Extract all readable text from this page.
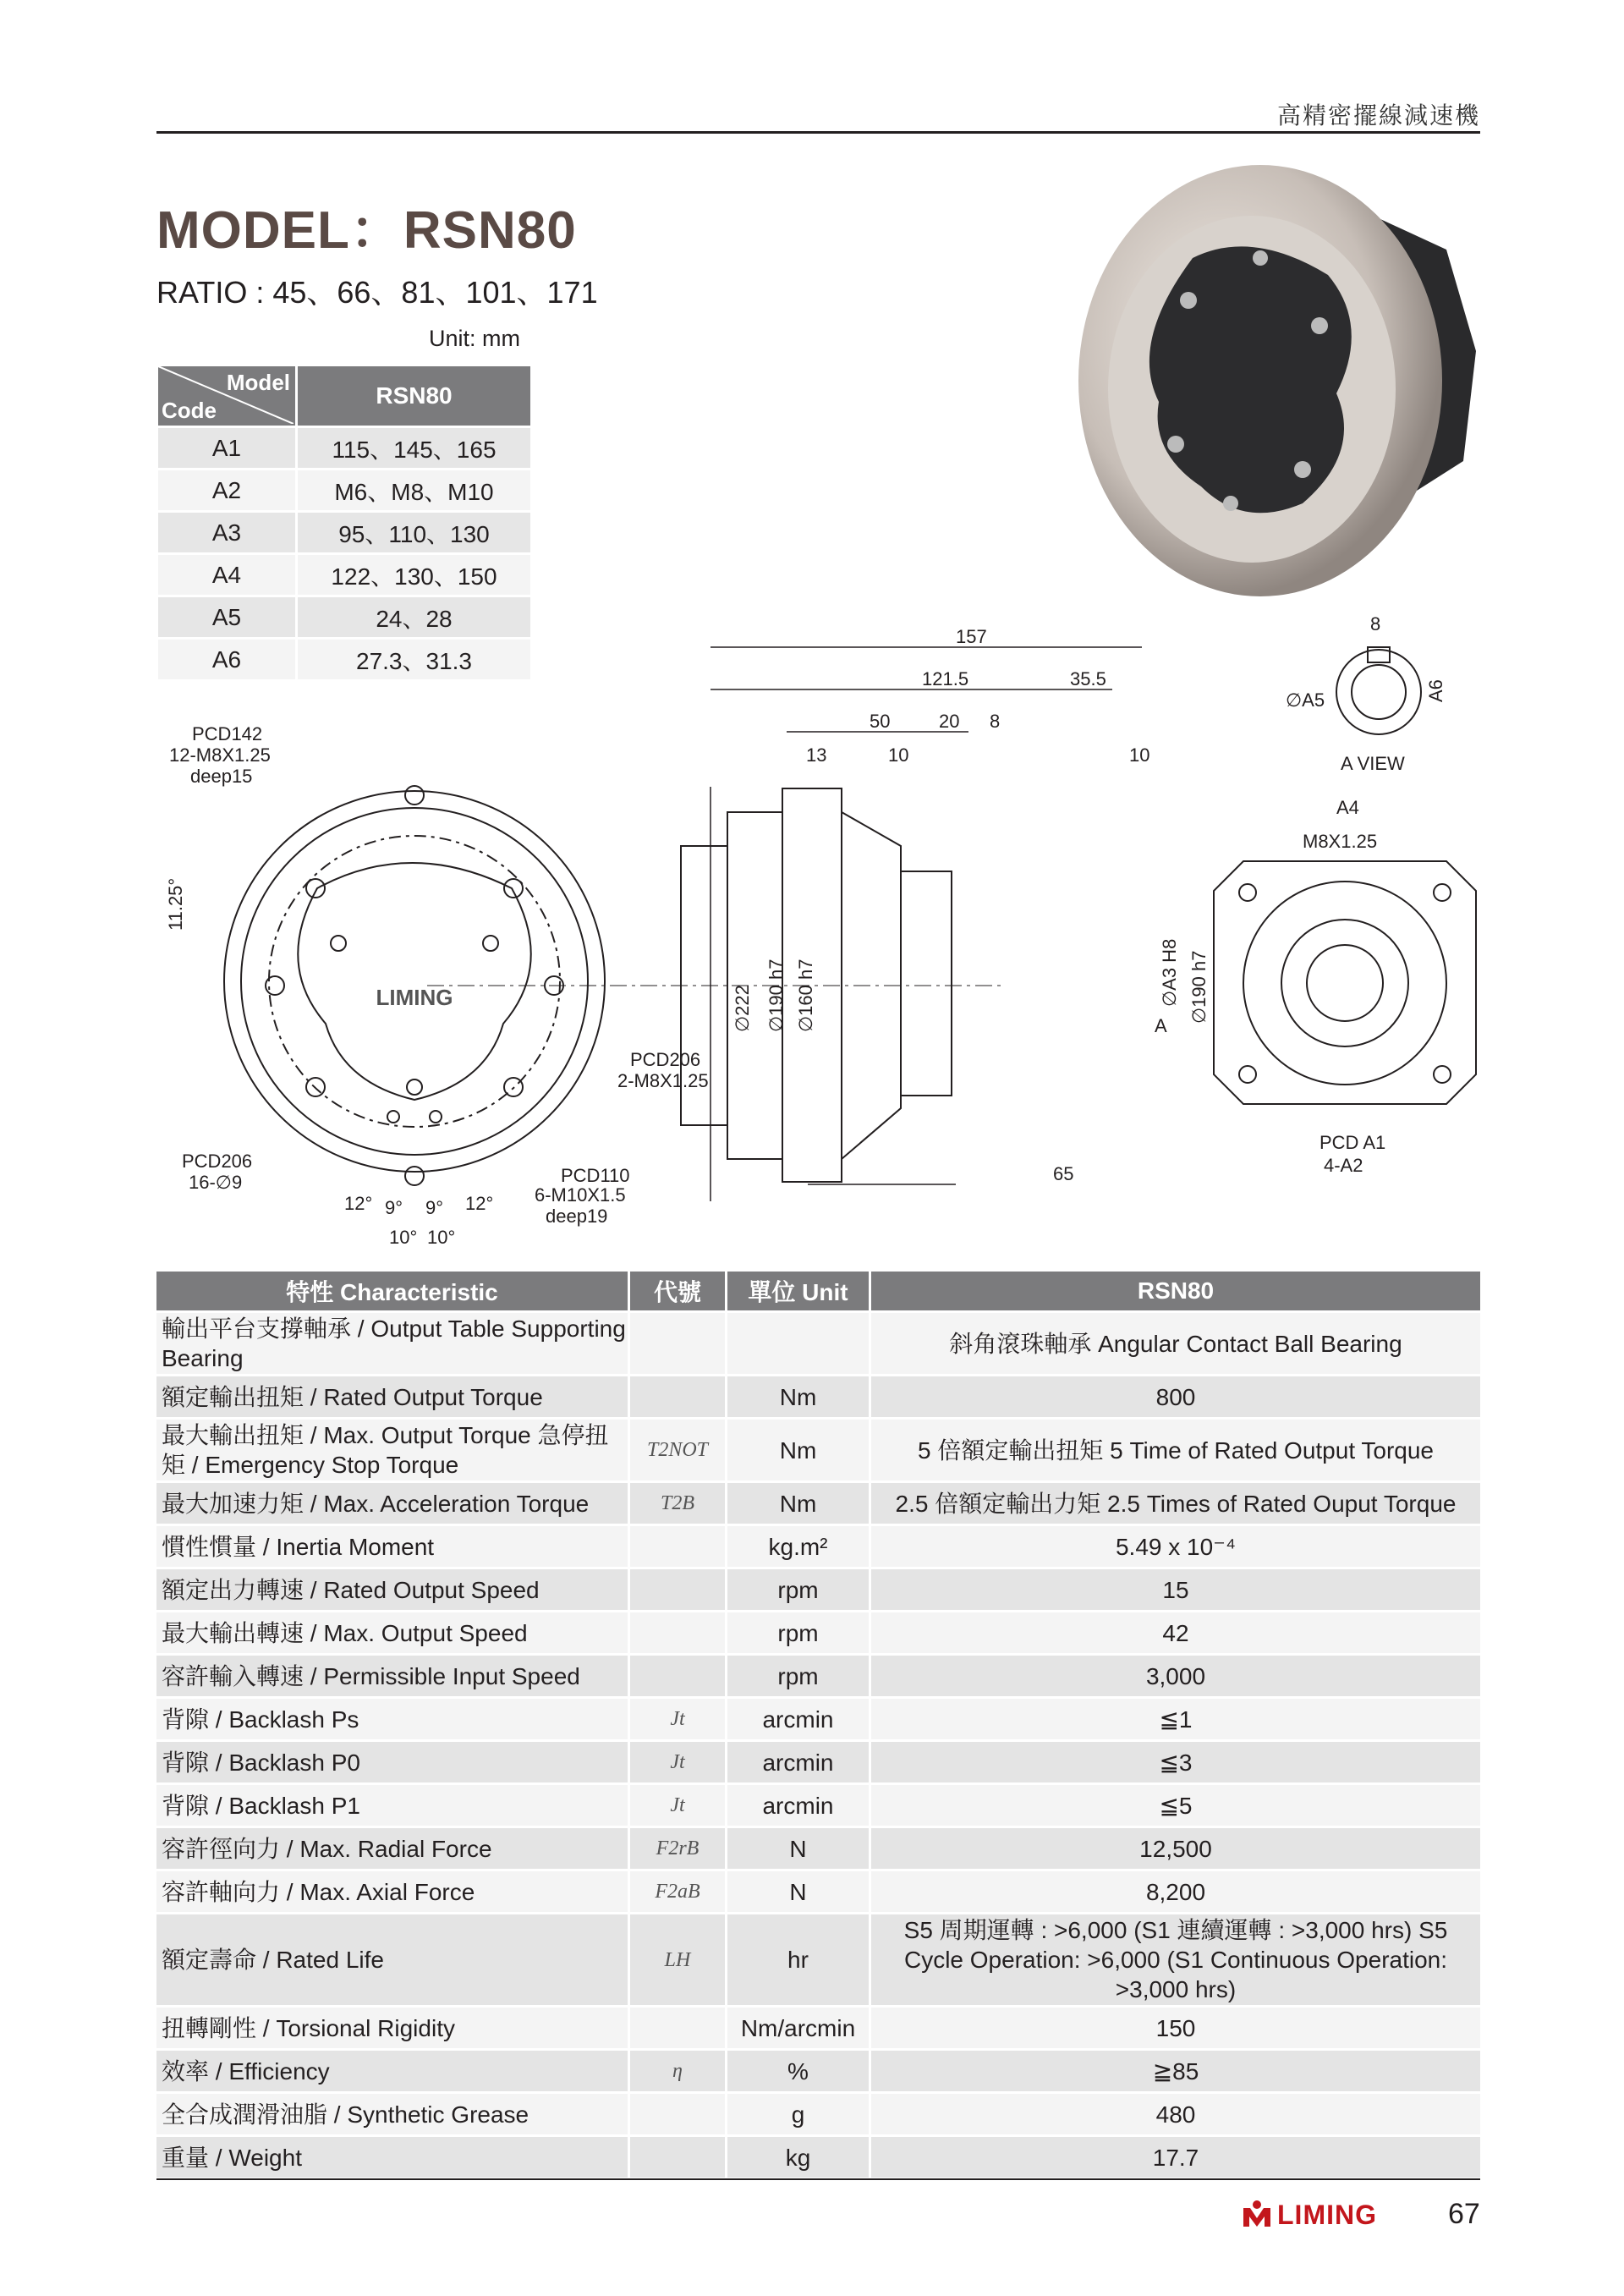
高精密擺線減速機
MODEL：RSN80
RATIO : 45、66、81、101、171
Unit: mm
Model
Code	RSN80
A1	115、145、165
A2	M6、M8、M10
A3	95、110、130
A4	122、130、150
A5	24、28
A6	27.3、31.3
PCD142
12-M8X1.25
deep15
11.25°
PCD206
2-M8X1.25
PCD206
16-∅9	PCD110
6-M10X1.5
deep19
12° 9° 9° 12°
10° 10°
LIMING
157
121.5	35.5
50	20 8
13	10	10
∅222 ∅190 h7 ∅160 h7	∅A3 H8 ∅190 h7
65
A
A VIEW
∅A5	A6
8
A4
M8X1.25
PCD A1
4-A2
特性 Characteristic	代號	單位 Unit	RSN80
輸出平台支撐軸承 / Output Table Supporting Bearing			斜角滾珠軸承 Angular Contact Ball Bearing
額定輸出扭矩 / Rated Output Torque		Nm	800
最大輸出扭矩 / Max. Output Torque 急停扭矩 / Emergency Stop Torque	T2NOT	Nm	5 倍額定輸出扭矩 5 Time of Rated Output Torque
最大加速力矩 / Max. Acceleration Torque	T2B	Nm	2.5 倍額定輸出力矩 2.5 Times of Rated Ouput Torque
慣性慣量 / Inertia Moment		kg.m²	5.49 x 10⁻⁴
額定出力轉速 / Rated Output Speed		rpm	15
最大輸出轉速 / Max. Output Speed		rpm	42
容許輸入轉速 / Permissible Input Speed		rpm	3,000
背隙 / Backlash Ps	Jt	arcmin	≦1
背隙 / Backlash P0	Jt	arcmin	≦3
背隙 / Backlash P1	Jt	arcmin	≦5
容許徑向力 / Max. Radial Force	F2rB	N	12,500
容許軸向力 / Max. Axial Force	F2aB	N	8,200
額定壽命 / Rated Life	LH	hr	S5 周期運轉 : >6,000 (S1 連續運轉 : >3,000 hrs) S5 Cycle Operation: >6,000 (S1 Continuous Operation: >3,000 hrs)
扭轉剛性 / Torsional Rigidity		Nm/arcmin	150
效率 / Efficiency	η	%	≧85
全合成潤滑油脂 / Synthetic Grease		g	480
重量 / Weight		kg	17.7
LIMING 67
